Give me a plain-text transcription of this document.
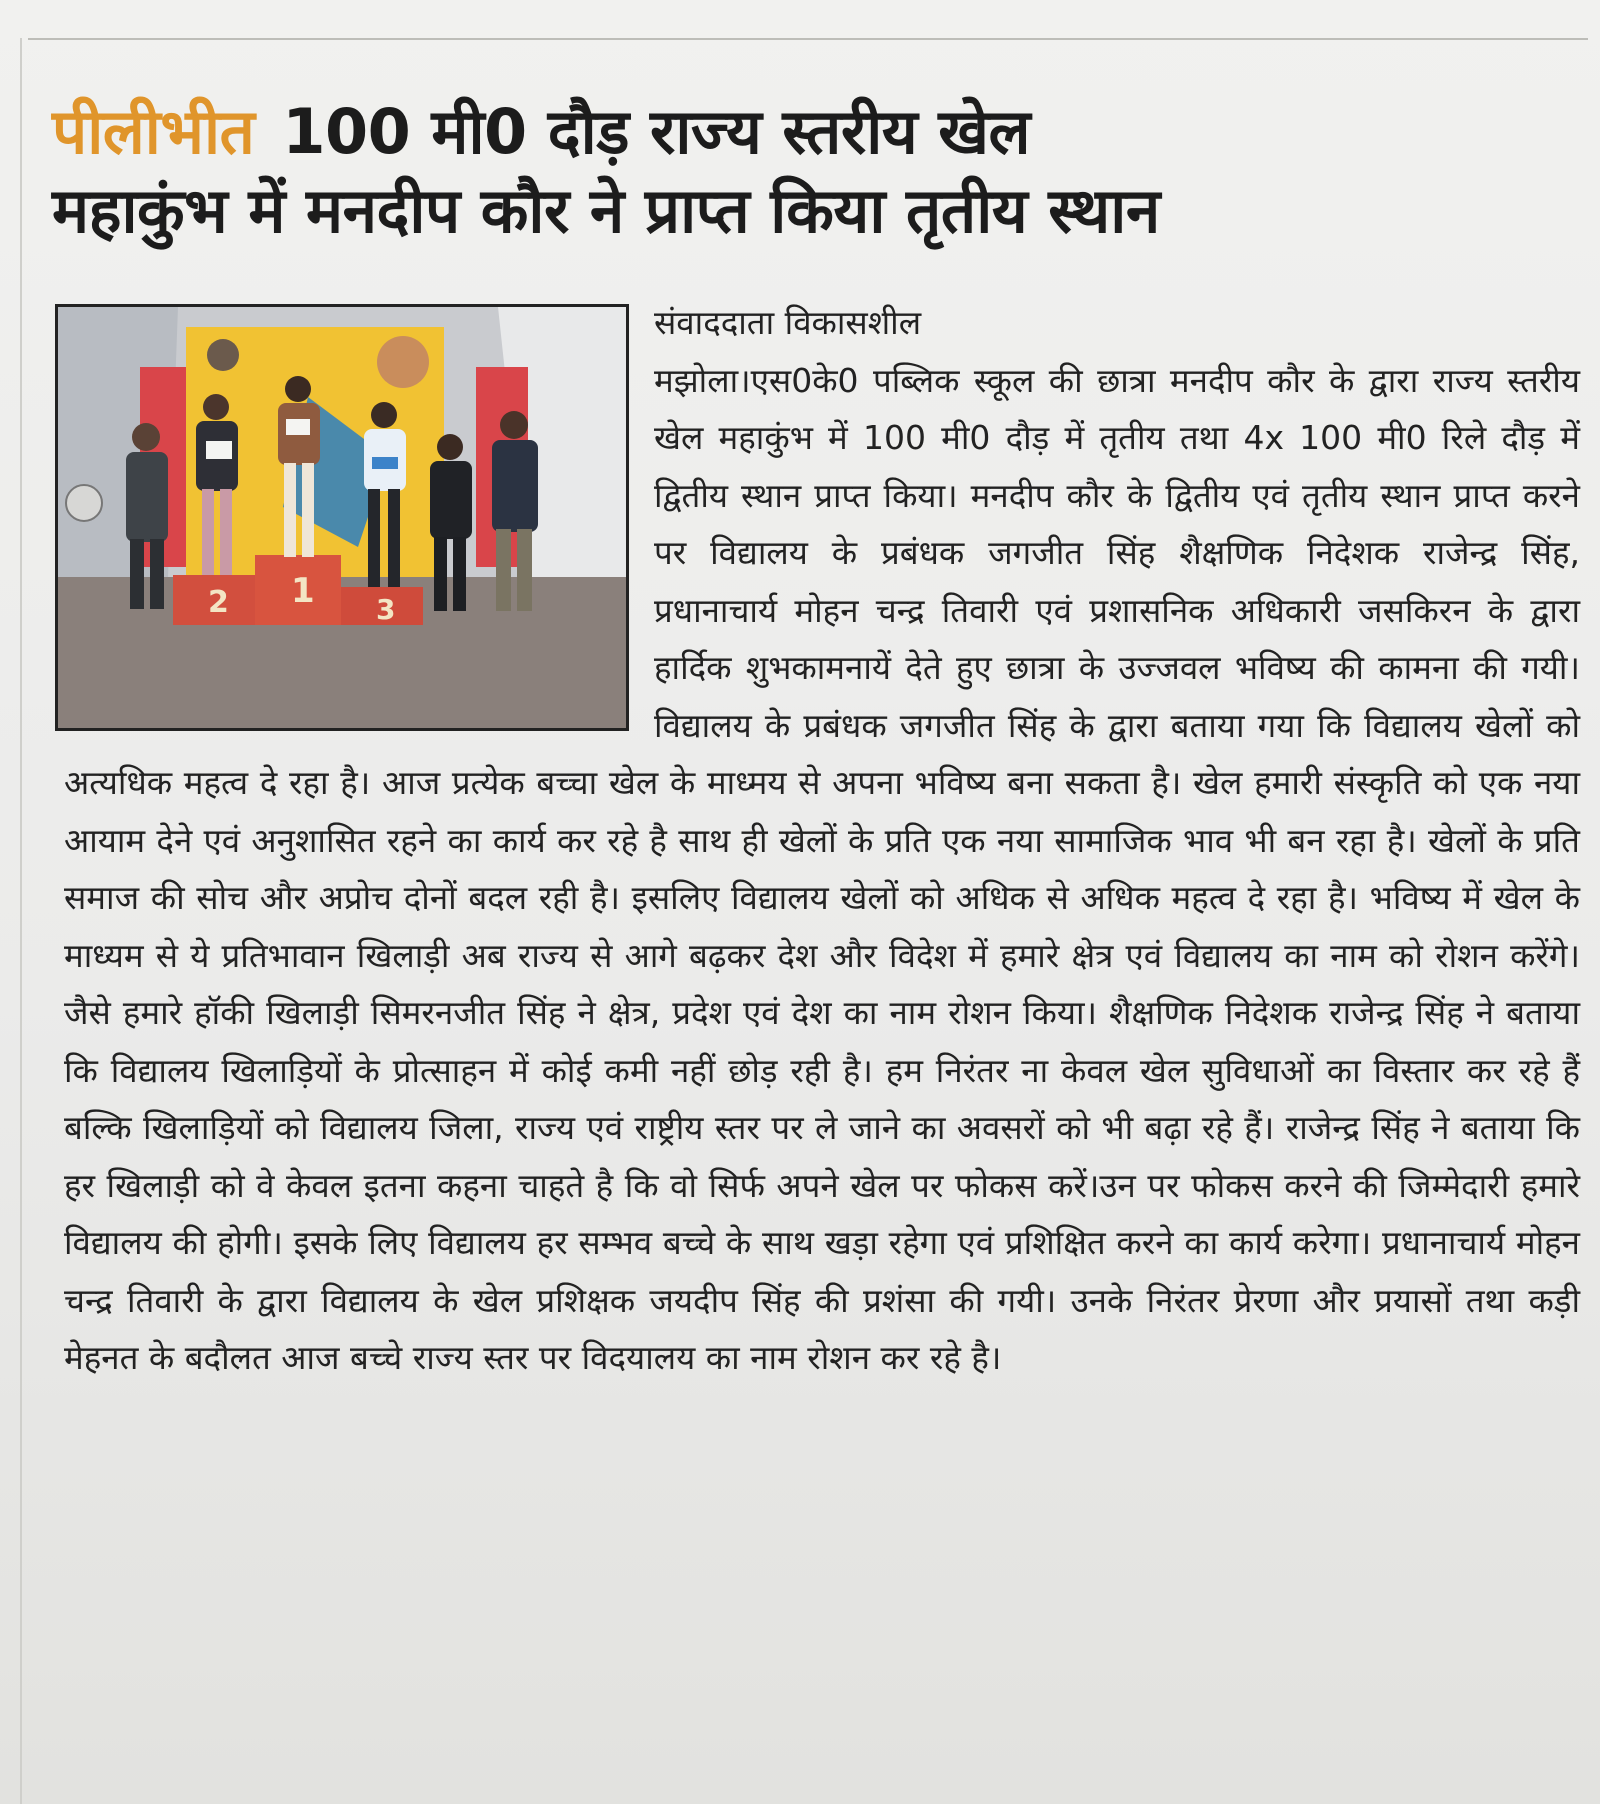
पीलीभीत 100 मी0 दौड़ राज्य स्तरीय खेल
महाकुंभ में मनदीप कौर ने प्राप्त किया तृतीय स्थान
2 1 3
संवाददाता विकासशील
मझोला।एस0के0 पब्लिक स्कूल की छात्रा मनदीप कौर के द्वारा राज्य स्तरीय खेल महाकुंभ में 100 मी0 दौड़ में तृतीय तथा 4x 100 मी0 रिले दौड़ में द्वितीय स्थान प्राप्त किया। मनदीप कौर के द्वितीय एवं तृतीय स्थान प्राप्त करने पर विद्यालय के प्रबंधक जगजीत सिंह शैक्षणिक निदेशक राजेन्द्र सिंह, प्रधानाचार्य मोहन चन्द्र तिवारी एवं प्रशासनिक अधिकारी जसकिरन के द्वारा हार्दिक शुभकामनायें देते हुए छात्रा के उज्जवल भविष्य की कामना की गयी। विद्यालय के प्रबंधक जगजीत सिंह के द्वारा बताया गया कि विद्यालय खेलों को अत्यधिक महत्व दे रहा है। आज प्रत्येक बच्चा खेल के माध्मय से अपना भविष्य बना सकता है। खेल हमारी संस्कृति को एक नया आयाम देने एवं अनुशासित रहने का कार्य कर रहे है साथ ही खेलों के प्रति एक नया सामाजिक भाव भी बन रहा है। खेलों के प्रति समाज की सोच और अप्रोच दोनों बदल रही है। इसलिए विद्यालय खेलों को अधिक से अधिक महत्व दे रहा है। भविष्य में खेल के माध्यम से ये प्रतिभावान खिलाड़ी अब राज्य से आगे बढ़कर देश और विदेश में हमारे क्षेत्र एवं विद्यालय का नाम को रोशन करेंगे। जैसे हमारे हॉकी खिलाड़ी सिमरनजीत सिंह ने क्षेत्र, प्रदेश एवं देश का नाम रोशन किया। शैक्षणिक निदेशक राजेन्द्र सिंह ने बताया कि विद्यालय खिलाड़ियों के प्रोत्साहन में कोई कमी नहीं छोड़ रही है। हम निरंतर ना केवल खेल सुविधाओं का विस्तार कर रहे हैं बल्कि खिलाड़ियों को विद्यालय जिला, राज्य एवं राष्ट्रीय स्तर पर ले जाने का अवसरों को भी बढ़ा रहे हैं। राजेन्द्र सिंह ने बताया कि हर खिलाड़ी को वे केवल इतना कहना चाहते है कि वो सिर्फ अपने खेल पर फोकस करें।उन पर फोकस करने की जिम्मेदारी हमारे विद्यालय की होगी। इसके लिए विद्यालय हर सम्भव बच्चे के साथ खड़ा रहेगा एवं प्रशिक्षित करने का कार्य करेगा। प्रधानाचार्य मोहन चन्द्र तिवारी के द्वारा विद्यालय के खेल प्रशिक्षक जयदीप सिंह की प्रशंसा की गयी। उनके निरंतर प्रेरणा और प्रयासों तथा कड़ी मेहनत के बदौलत आज बच्चे राज्य स्तर पर विदयालय का नाम रोशन कर रहे है।
